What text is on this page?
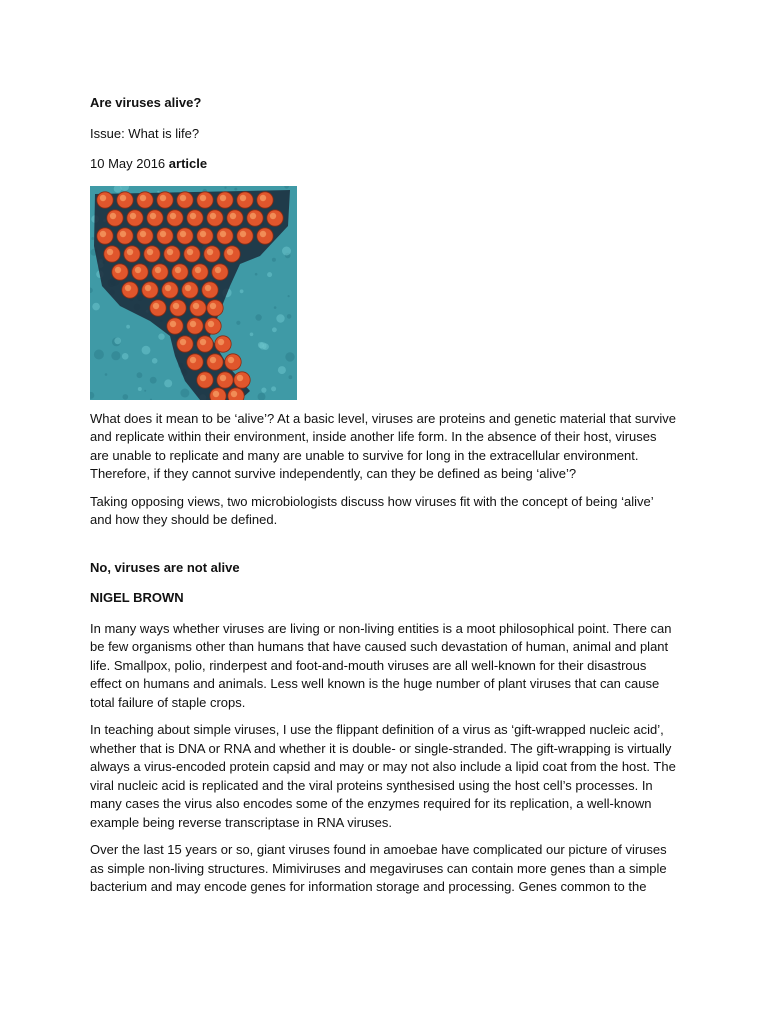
Are viruses alive?
Issue: What is life?
10 May 2016 article

What does it mean to be ‘alive’? At a basic level, viruses are proteins and genetic material that survive and replicate within their environment, inside another life form. In the absence of their host, viruses are unable to replicate and many are unable to survive for long in the extracellular environment. Therefore, if they cannot survive independently, can they be defined as being ‘alive’?

Taking opposing views, two microbiologists discuss how viruses fit with the concept of being ‘alive’ and how they should be defined.

No, viruses are not alive
NIGEL BROWN

In many ways whether viruses are living or non-living entities is a moot philosophical point. There can be few organisms other than humans that have caused such devastation of human, animal and plant life. Smallpox, polio, rinderpest and foot-and-mouth viruses are all well-known for their disastrous effect on humans and animals. Less well known is the huge number of plant viruses that can cause total failure of staple crops.

In teaching about simple viruses, I use the flippant definition of a virus as ‘gift-wrapped nucleic acid’, whether that is DNA or RNA and whether it is double- or single-stranded. The gift-wrapping is virtually always a virus-encoded protein capsid and may or may not also include a lipid coat from the host. The viral nucleic acid is replicated and the viral proteins synthesised using the host cell’s processes. In many cases the virus also encodes some of the enzymes required for its replication, a well-known example being reverse transcriptase in RNA viruses.

Over the last 15 years or so, giant viruses found in amoebae have complicated our picture of viruses as simple non-living structures. Mimiviruses and megaviruses can contain more genes than a simple bacterium and may encode genes for information storage and processing. Genes common to the
